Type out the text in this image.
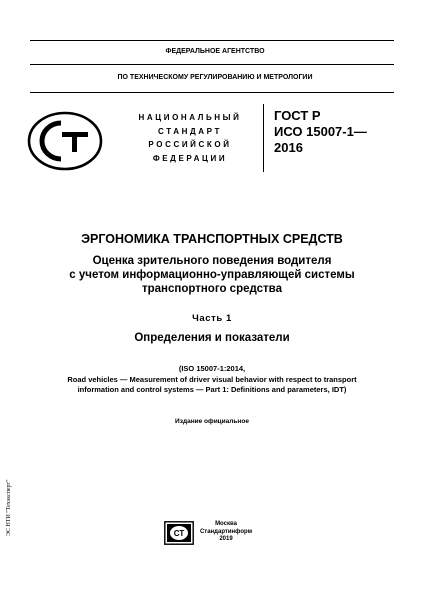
ФЕДЕРАЛЬНОЕ АГЕНТСТВО
ПО ТЕХНИЧЕСКОМУ РЕГУЛИРОВАНИЮ И МЕТРОЛОГИИ
НАЦИОНАЛЬНЫЙ
СТАНДАРТ
РОССИЙСКОЙ
ФЕДЕРАЦИИ
ГОСТ Р
ИСО 15007-1—
2016
ЭРГОНОМИКА ТРАНСПОРТНЫХ СРЕДСТВ
Оценка зрительного поведения водителя
с учетом информационно-управляющей системы
транспортного средства
Часть 1
Определения и показатели
(ISO 15007-1:2014,
Road vehicles — Measurement of driver visual behavior with respect to transport
information and control systems — Part 1: Definitions and parameters, IDT)
Издание официальное
СТ
Москва
Стандартинформ
2019
ЭС НТИ "Техэксперт"
